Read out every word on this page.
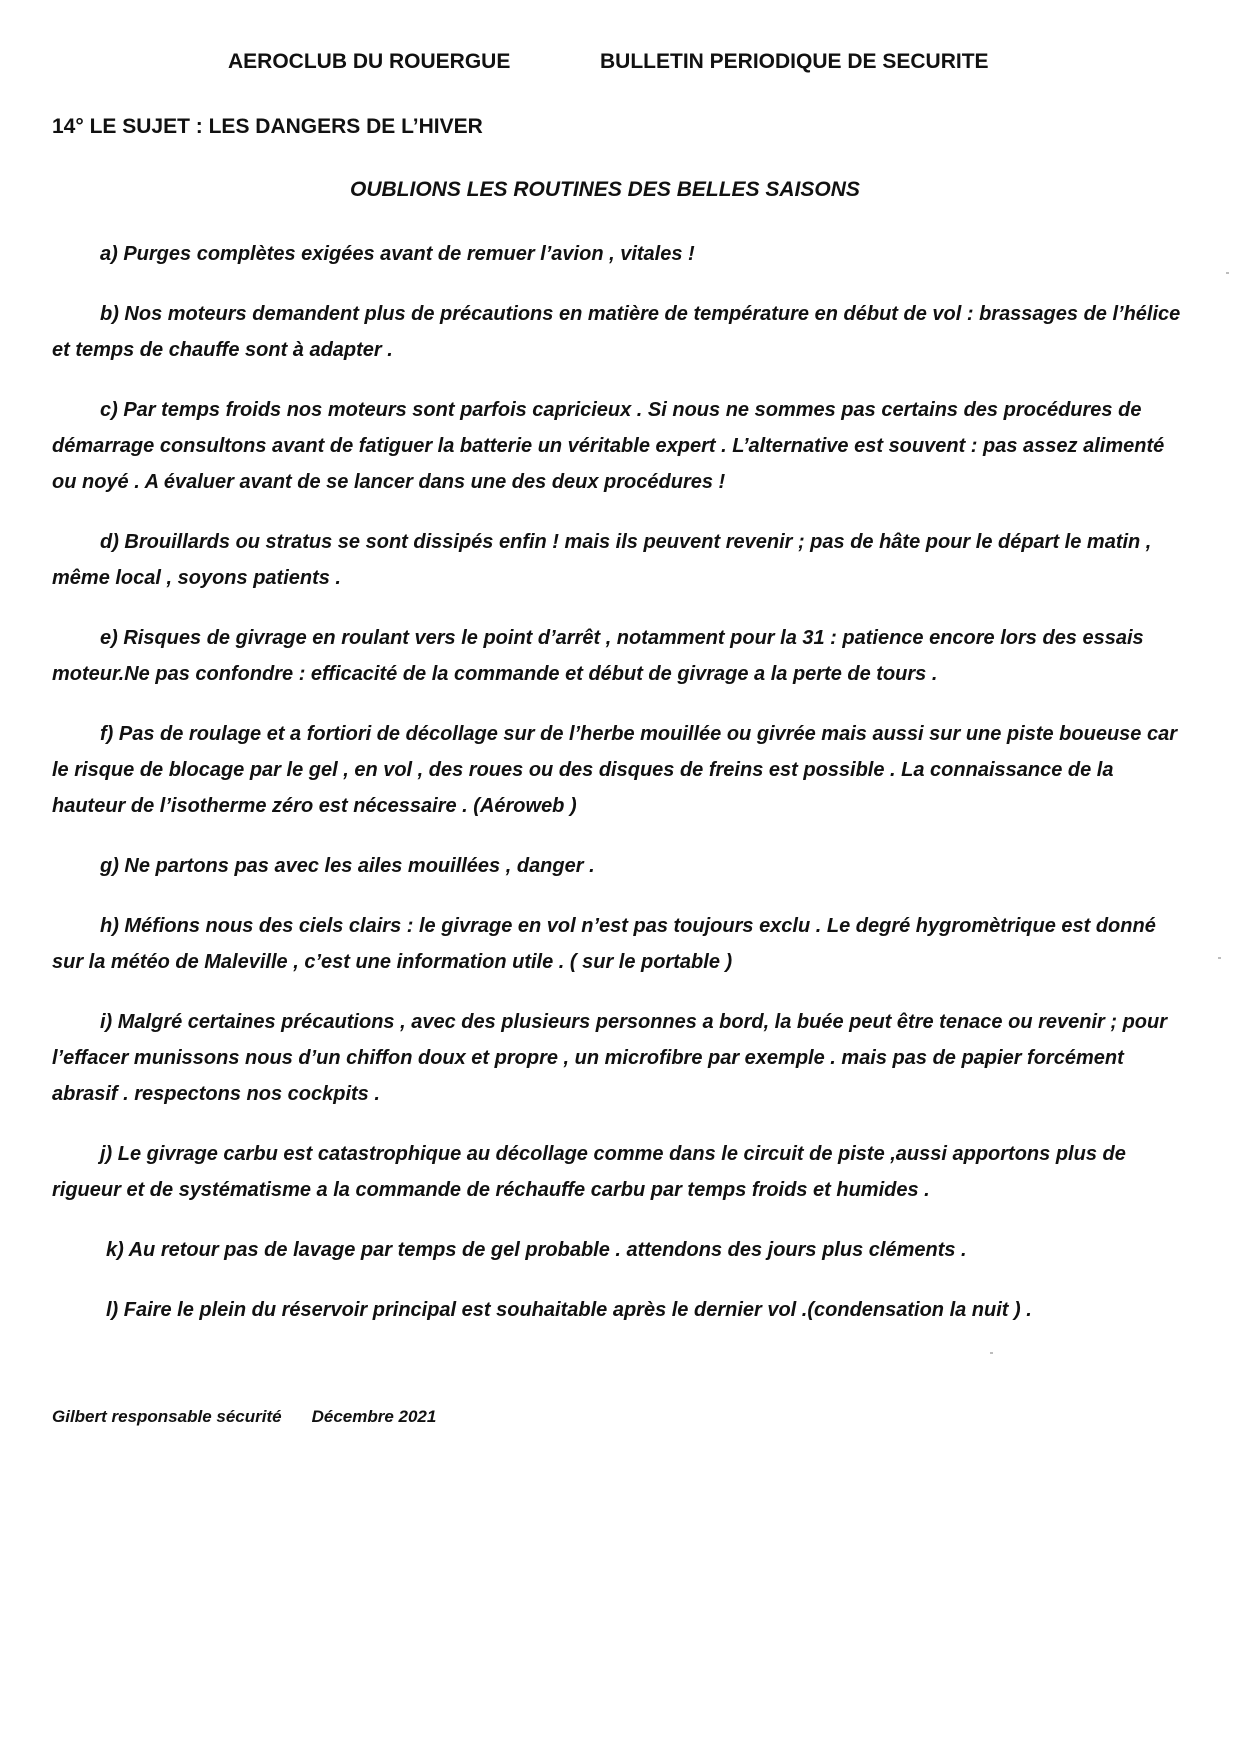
AEROCLUB DU ROUERGUE	BULLETIN PERIODIQUE DE SECURITE
14° LE SUJET : LES DANGERS DE L’HIVER
OUBLIONS LES ROUTINES DES BELLES SAISONS

a) Purges complètes exigées avant de remuer l’avion , vitales !

b) Nos moteurs demandent plus de précautions en matière de température en début de vol : brassages de l’hélice et temps de chauffe sont à adapter .

c) Par temps froids nos moteurs sont parfois capricieux . Si nous ne sommes pas certains des procédures de démarrage consultons avant de fatiguer la batterie un véritable expert . L’alternative est souvent : pas assez alimenté ou noyé . A évaluer avant de se lancer dans une des deux procédures !

d) Brouillards ou stratus se sont dissipés enfin ! mais ils peuvent revenir ; pas de hâte pour le départ le matin , même local , soyons patients .

e) Risques de givrage en roulant vers le point d’arrêt , notamment pour la 31 : patience encore lors des essais moteur.Ne pas confondre : efficacité de la commande et début de givrage a la perte de tours .

f) Pas de roulage et a fortiori de décollage sur de l’herbe mouillée ou givrée mais aussi sur une piste boueuse car le risque de blocage par le gel , en vol , des roues ou des disques de freins est possible . La connaissance de la hauteur de l’isotherme zéro est nécessaire . (Aéroweb )

g) Ne partons pas avec les ailes mouillées , danger .

h) Méfions nous des ciels clairs : le givrage en vol n’est pas toujours exclu . Le degré hygromètrique est donné sur la météo de Maleville , c’est une information utile . ( sur le portable )

i) Malgré certaines précautions , avec des plusieurs personnes a bord, la buée peut être tenace ou revenir ; pour l’effacer munissons nous d’un chiffon doux et propre , un microfibre par exemple . mais pas de papier forcément abrasif . respectons nos cockpits .

j) Le givrage carbu est catastrophique au décollage comme dans le circuit de piste ,aussi apportons plus de rigueur et de systématisme a la commande de réchauffe carbu par temps froids et humides .

k) Au retour pas de lavage par temps de gel probable . attendons des jours plus cléments .

l) Faire le plein du réservoir principal est souhaitable après le dernier vol .(condensation la nuit ) .

Gilbert responsable sécurité Décembre 2021
